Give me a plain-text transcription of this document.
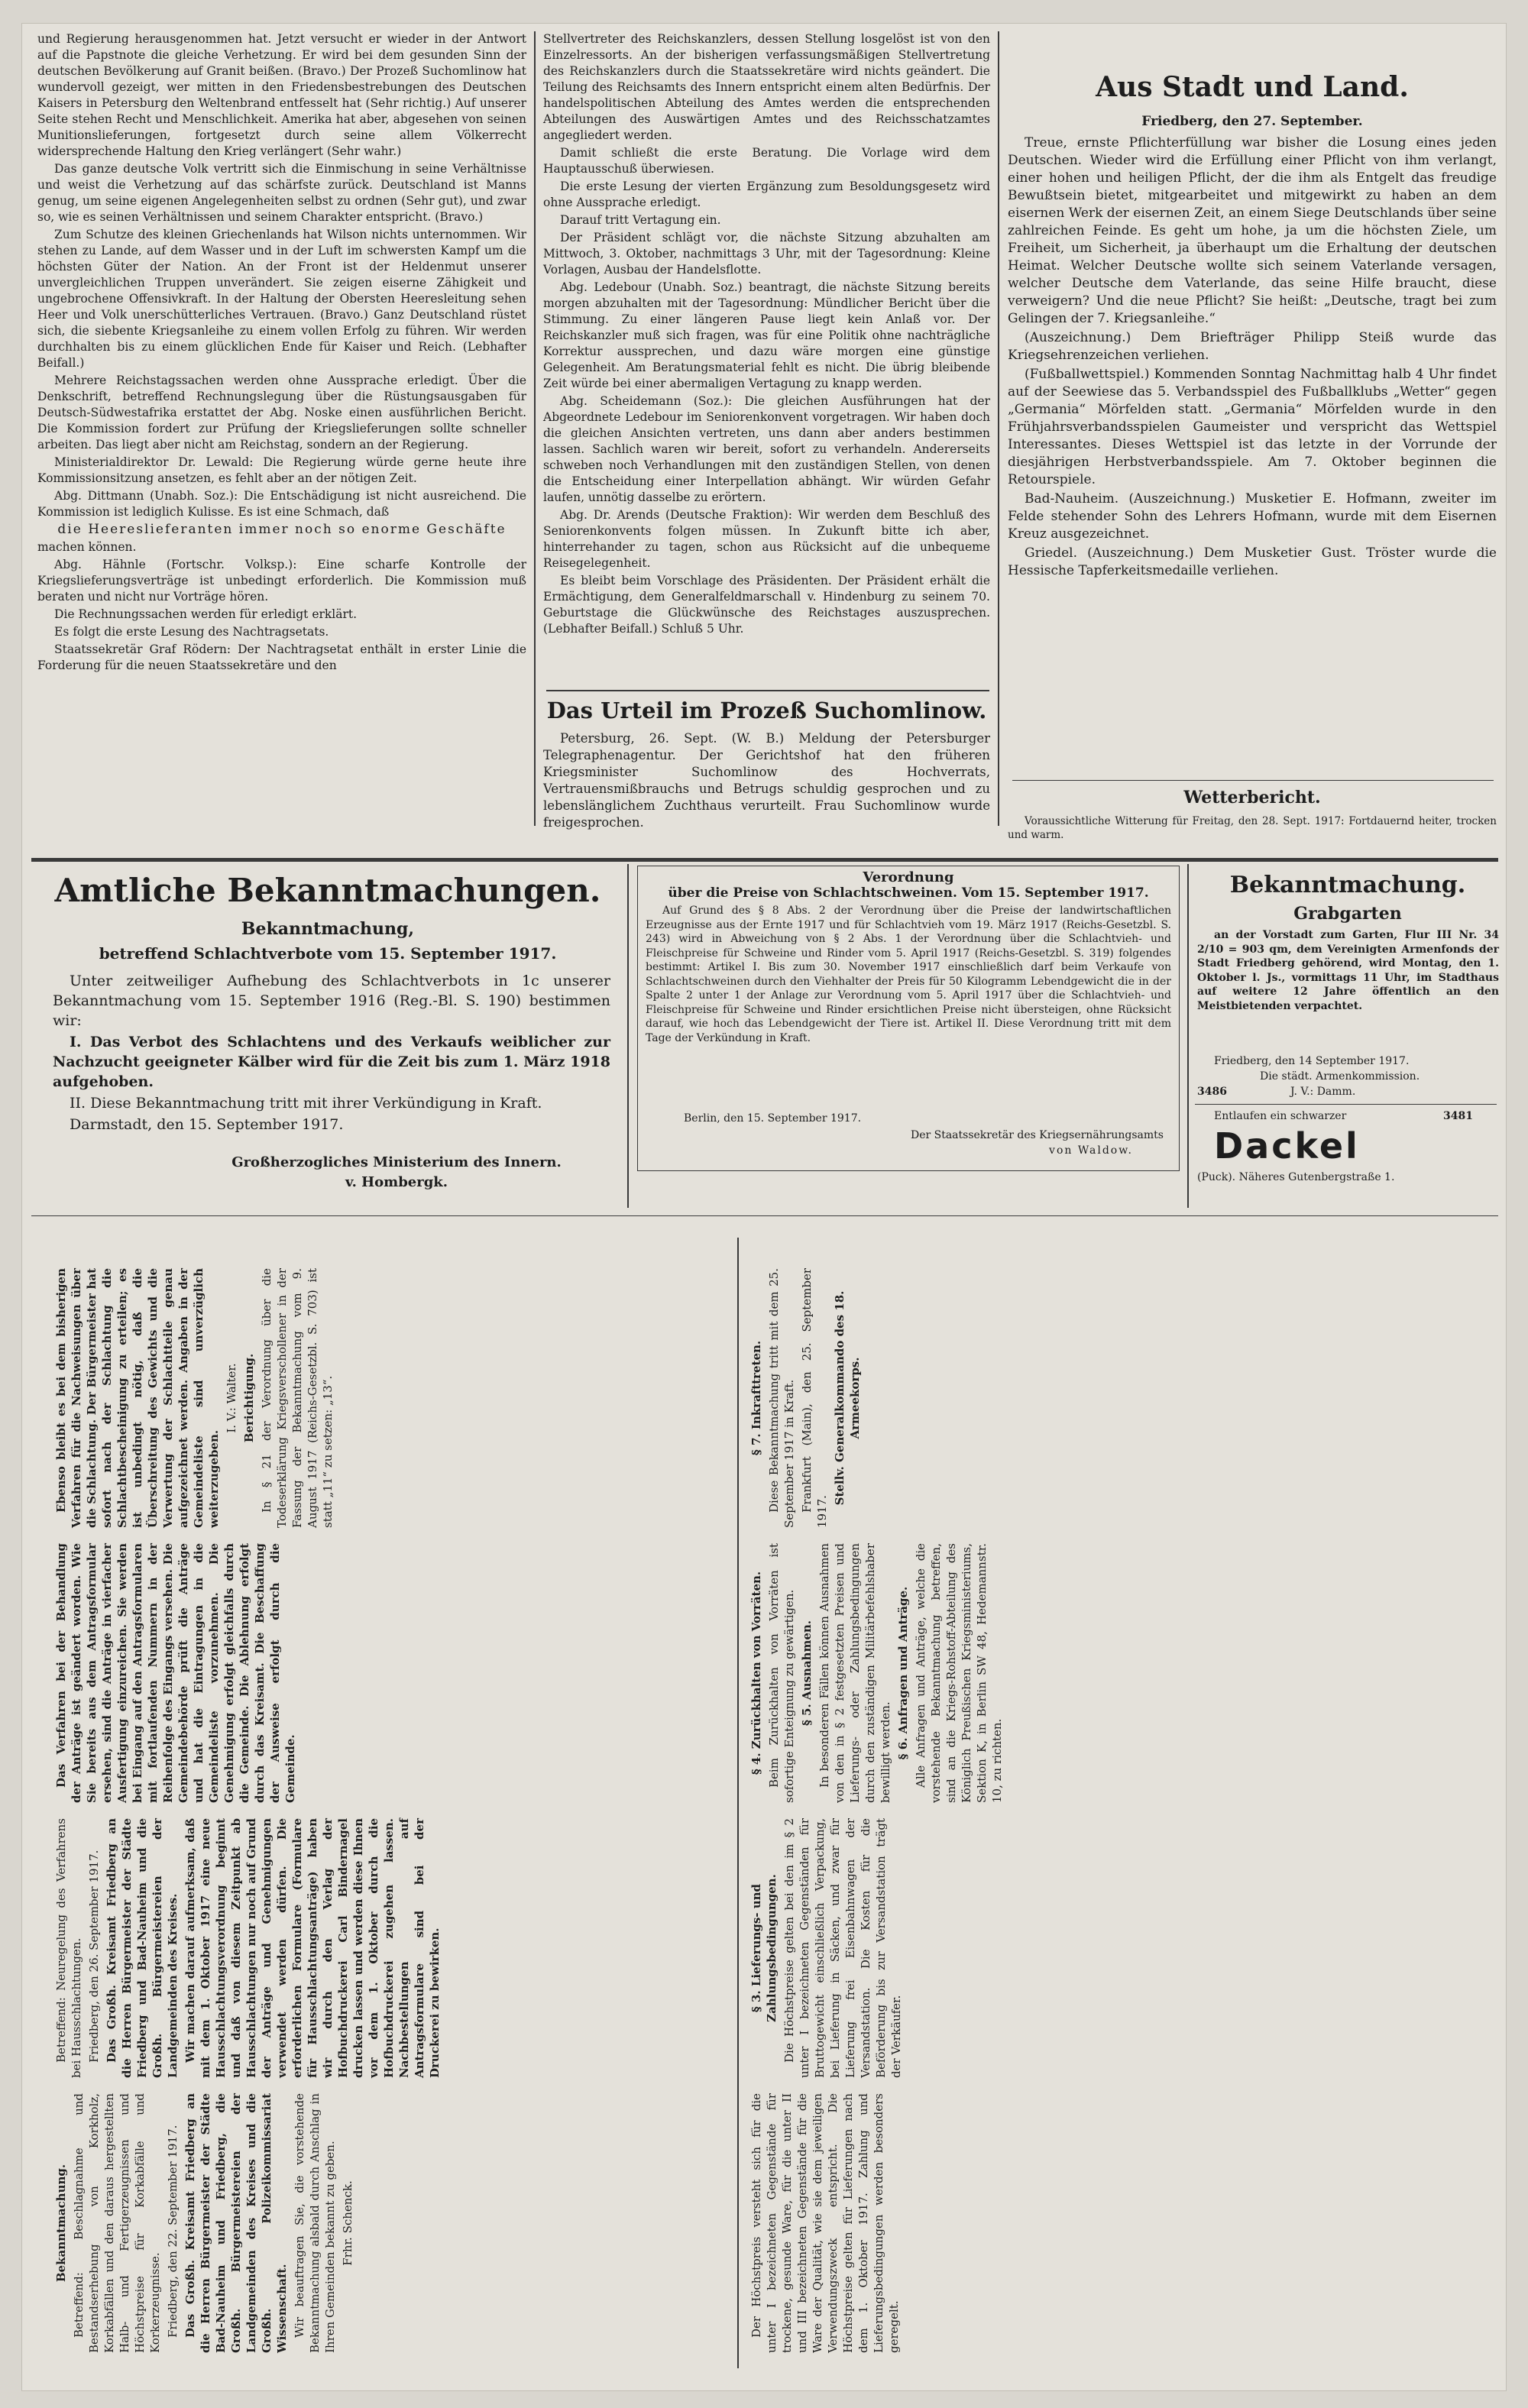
und Regierung herausgenommen hat. Jetzt versucht er wieder in der Antwort auf die Papstnote die gleiche Verhetzung. Er wird bei dem gesunden Sinn der deutschen Bevölkerung auf Granit beißen. (Bravo.) Der Prozeß Suchomlinow hat wundervoll gezeigt, wer mitten in den Friedensbestrebungen des Deutschen Kaisers in Petersburg den Weltenbrand entfesselt hat (Sehr richtig.) Auf unserer Seite stehen Recht und Menschlichkeit. Amerika hat aber, abgesehen von seinen Munitionslieferungen, fortgesetzt durch seine allem Völkerrecht widersprechende Haltung den Krieg verlängert (Sehr wahr.)

Das ganze deutsche Volk vertritt sich die Einmischung in seine Verhältnisse und weist die Verhetzung auf das schärfste zurück. Deutschland ist Manns genug, um seine eigenen Angelegenheiten selbst zu ordnen (Sehr gut), und zwar so, wie es seinen Verhältnissen und seinem Charakter entspricht. (Bravo.)

Zum Schutze des kleinen Griechenlands hat Wilson nichts unternommen. Wir stehen zu Lande, auf dem Wasser und in der Luft im schwersten Kampf um die höchsten Güter der Nation. An der Front ist der Heldenmut unserer unvergleichlichen Truppen unverändert. Sie zeigen eiserne Zähigkeit und ungebrochene Offensivkraft. In der Haltung der Obersten Heeresleitung sehen Heer und Volk unerschütterliches Vertrauen. (Bravo.) Ganz Deutschland rüstet sich, die siebente Kriegsanleihe zu einem vollen Erfolg zu führen. Wir werden durchhalten bis zu einem glücklichen Ende für Kaiser und Reich. (Lebhafter Beifall.)

Mehrere Reichstagssachen werden ohne Aussprache erledigt. Über die Denkschrift, betreffend Rechnungslegung über die Rüstungsausgaben für Deutsch-Südwestafrika erstattet der Abg. Noske einen ausführlichen Bericht. Die Kommission fordert zur Prüfung der Kriegslieferungen sollte schneller arbeiten. Das liegt aber nicht am Reichstag, sondern an der Regierung.

Ministerialdirektor Dr. Lewald: Die Regierung würde gerne heute ihre Kommissionsitzung ansetzen, es fehlt aber an der nötigen Zeit.

Abg. Dittmann (Unabh. Soz.): Die Entschädigung ist nicht ausreichend. Die Kommission ist lediglich Kulisse. Es ist eine Schmach, daß

die Heereslieferanten immer noch so enorme Geschäfte

machen können.

Abg. Hähnle (Fortschr. Volksp.): Eine scharfe Kontrolle der Kriegslieferungsverträge ist unbedingt erforderlich. Die Kommission muß beraten und nicht nur Vorträge hören.

Die Rechnungssachen werden für erledigt erklärt.

Es folgt die erste Lesung des Nachtragsetats.

Staatssekretär Graf Rödern: Der Nachtragsetat enthält in erster Linie die Forderung für die neuen Staatssekretäre und den

Stellvertreter des Reichskanzlers, dessen Stellung losgelöst ist von den Einzelressorts. An der bisherigen verfassungsmäßigen Stellvertretung des Reichskanzlers durch die Staatssekretäre wird nichts geändert. Die Teilung des Reichsamts des Innern entspricht einem alten Bedürfnis. Der handelspolitischen Abteilung des Amtes werden die entsprechenden Abteilungen des Auswärtigen Amtes und des Reichsschatzamtes angegliedert werden.

Damit schließt die erste Beratung. Die Vorlage wird dem Hauptausschuß überwiesen.

Die erste Lesung der vierten Ergänzung zum Besoldungsgesetz wird ohne Aussprache erledigt.

Darauf tritt Vertagung ein.

Der Präsident schlägt vor, die nächste Sitzung abzuhalten am Mittwoch, 3. Oktober, nachmittags 3 Uhr, mit der Tagesordnung: Kleine Vorlagen, Ausbau der Handelsflotte.

Abg. Ledebour (Unabh. Soz.) beantragt, die nächste Sitzung bereits morgen abzuhalten mit der Tagesordnung: Mündlicher Bericht über die Stimmung. Zu einer längeren Pause liegt kein Anlaß vor. Der Reichskanzler muß sich fragen, was für eine Politik ohne nachträgliche Korrektur aussprechen, und dazu wäre morgen eine günstige Gelegenheit. Am Beratungsmaterial fehlt es nicht. Die übrig bleibende Zeit würde bei einer abermaligen Vertagung zu knapp werden.

Abg. Scheidemann (Soz.): Die gleichen Ausführungen hat der Abgeordnete Ledebour im Seniorenkonvent vorgetragen. Wir haben doch die gleichen Ansichten vertreten, uns dann aber anders bestimmen lassen. Sachlich waren wir bereit, sofort zu verhandeln. Andererseits schweben noch Verhandlungen mit den zuständigen Stellen, von denen die Entscheidung einer Interpellation abhängt. Wir würden Gefahr laufen, unnötig dasselbe zu erörtern.

Abg. Dr. Arends (Deutsche Fraktion): Wir werden dem Beschluß des Seniorenkonvents folgen müssen. In Zukunft bitte ich aber, hinterrehander zu tagen, schon aus Rücksicht auf die unbequeme Reisegelegenheit.

Es bleibt beim Vorschlage des Präsidenten. Der Präsident erhält die Ermächtigung, dem Generalfeldmarschall v. Hindenburg zu seinem 70. Geburtstage die Glückwünsche des Reichstages auszusprechen. (Lebhafter Beifall.) Schluß 5 Uhr.

Das Urteil im Prozeß Suchomlinow.

Petersburg, 26. Sept. (W. B.) Meldung der Petersburger Telegraphenagentur. Der Gerichtshof hat den früheren Kriegsminister Suchomlinow des Hochverrats, Vertrauensmißbrauchs und Betrugs schuldig gesprochen und zu lebenslänglichem Zuchthaus verurteilt. Frau Suchomlinow wurde freigesprochen.

Aus Stadt und Land.
Friedberg, den 27. September.

Treue, ernste Pflichterfüllung war bisher die Losung eines jeden Deutschen. Wieder wird die Erfüllung einer Pflicht von ihm verlangt, einer hohen und heiligen Pflicht, der die ihm als Entgelt das freudige Bewußtsein bietet, mitgearbeitet und mitgewirkt zu haben an dem eisernen Werk der eisernen Zeit, an einem Siege Deutschlands über seine zahlreichen Feinde. Es geht um hohe, ja um die höchsten Ziele, um Freiheit, um Sicherheit, ja überhaupt um die Erhaltung der deutschen Heimat. Welcher Deutsche wollte sich seinem Vaterlande versagen, welcher Deutsche dem Vaterlande, das seine Hilfe braucht, diese verweigern? Und die neue Pflicht? Sie heißt: „Deutsche, tragt bei zum Gelingen der 7. Kriegsanleihe.“

(Auszeichnung.) Dem Briefträger Philipp Steiß wurde das Kriegsehrenzeichen verliehen.

(Fußballwettspiel.) Kommenden Sonntag Nachmittag halb 4 Uhr findet auf der Seewiese das 5. Verbandsspiel des Fußballklubs „Wetter“ gegen „Germania“ Mörfelden statt. „Germania“ Mörfelden wurde in den Frühjahrsverbandsspielen Gaumeister und verspricht das Wettspiel Interessantes. Dieses Wettspiel ist das letzte in der Vorrunde der diesjährigen Herbstverbandsspiele. Am 7. Oktober beginnen die Retourspiele.

Bad-Nauheim. (Auszeichnung.) Musketier E. Hofmann, zweiter im Felde stehender Sohn des Lehrers Hofmann, wurde mit dem Eisernen Kreuz ausgezeichnet.

Griedel. (Auszeichnung.) Dem Musketier Gust. Tröster wurde die Hessische Tapferkeitsmedaille verliehen.

Wetterbericht.

Voraussichtliche Witterung für Freitag, den 28. Sept. 1917: Fortdauernd heiter, trocken und warm.

Amtliche Bekanntmachungen.
Bekanntmachung,
betreffend Schlachtverbote vom 15. September 1917.

Unter zeitweiliger Aufhebung des Schlachtverbots in 1c unserer Bekanntmachung vom 15. September 1916 (Reg.-Bl. S. 190) bestimmen wir:

I. Das Verbot des Schlachtens und des Verkaufs weiblicher zur Nachzucht geeigneter Kälber wird für die Zeit bis zum 1. März 1918 aufgehoben.

II. Diese Bekanntmachung tritt mit ihrer Verkündigung in Kraft.

Darmstadt, den 15. September 1917.

Großherzogliches Ministerium des Innern.
v. Hombergk.
Verordnung
über die Preise von Schlachtschweinen. Vom 15. September 1917.

Auf Grund des § 8 Abs. 2 der Verordnung über die Preise der landwirtschaftlichen Erzeugnisse aus der Ernte 1917 und für Schlachtvieh vom 19. März 1917 (Reichs-Gesetzbl. S. 243) wird in Abweichung von § 2 Abs. 1 der Verordnung über die Schlachtvieh- und Fleischpreise für Schweine und Rinder vom 5. April 1917 (Reichs-Gesetzbl. S. 319) folgendes bestimmt: Artikel I. Bis zum 30. November 1917 einschließlich darf beim Verkaufe von Schlachtschweinen durch den Viehhalter der Preis für 50 Kilogramm Lebendgewicht die in der Spalte 2 unter 1 der Anlage zur Verordnung vom 5. April 1917 über die Schlachtvieh- und Fleischpreise für Schweine und Rinder ersichtlichen Preise nicht übersteigen, ohne Rücksicht darauf, wie hoch das Lebendgewicht der Tiere ist. Artikel II. Diese Verordnung tritt mit dem Tage der Verkündung in Kraft.

Berlin, den 15. September 1917.
Der Staatssekretär des Kriegsernährungsamts
von Waldow.
Bekanntmachung.
Grabgarten

an der Vorstadt zum Garten, Flur III Nr. 34 2/10 = 903 qm, dem Vereinigten Armenfonds der Stadt Friedberg gehörend, wird Montag, den 1. Oktober l. Js., vormittags 11 Uhr, im Stadthaus auf weitere 12 Jahre öffentlich an den Meistbietenden verpachtet.

Friedberg, den 14 September 1917.
Die städt. Armenkommission.
3486	J. V.: Damm.
Entlaufen ein schwarzer	3481
Dackel
(Puck). Näheres Gutenbergstraße 1.

Bekanntmachung. Betreffend: Beschlagnahme und Bestandserhebung von Korkholz, Korkabfällen und den daraus hergestellten Halb- und Fertigerzeugnissen und Höchstpreise für Korkabfälle und Korkerzeugnisse. Friedberg, den 22. September 1917. Das Großh. Kreisamt Friedberg an die Herren Bürgermeister der Städte Bad-Nauheim und Friedberg, die Großh. Bürgermeistereien der Landgemeinden des Kreises und die Großh. Polizeikommissariat Wissenschaft. Wir beauftragen Sie, die vorstehende Bekanntmachung alsbald durch Anschlag in Ihren Gemeinden bekannt zu geben. Frhr. Schenck.

Betreffend: Neuregelung des Verfahrens bei Hausschlachtungen. Friedberg, den 26. September 1917. Das Großh. Kreisamt Friedberg an die Herren Bürgermeister der Städte Friedberg und Bad-Nauheim und die Großh. Bürgermeistereien der Landgemeinden des Kreises. Wir machen darauf aufmerksam, daß mit dem 1. Oktober 1917 eine neue Hausschlachtungsverordnung beginnt und daß von diesem Zeitpunkt ab Hausschlachtungen nur noch auf Grund der Anträge und Genehmigungen verwendet werden dürfen. Die erforderlichen Formulare (Formulare für Hausschlachtungsanträge) haben wir durch den Verlag der Hofbuchdruckerei Carl Bindernagel drucken lassen und werden diese Ihnen vor dem 1. Oktober durch die Hofbuchdruckerei zugehen lassen. Nachbestellungen auf Antragsformulare sind bei der Druckerei zu bewirken.

Das Verfahren bei der Behandlung der Anträge ist geändert worden. Wie Sie bereits aus dem Antragsformular ersehen, sind die Anträge in vierfacher Ausfertigung einzureichen. Sie werden bei Eingang auf den Antragsformularen mit fortlaufenden Nummern in der Reihenfolge des Eingangs versehen. Die Gemeindebehörde prüft die Anträge und hat die Eintragungen in die Gemeindeliste vorzunehmen. Die Genehmigung erfolgt gleichfalls durch die Gemeinde. Die Ablehnung erfolgt durch das Kreisamt. Die Beschaffung der Ausweise erfolgt durch die Gemeinde.

Ebenso bleibt es bei dem bisherigen Verfahren für die Nachweisungen über die Schlachtung. Der Bürgermeister hat sofort nach der Schlachtung die Schlachtbescheinigung zu erteilen; es ist unbedingt nötig, daß die Überschreitung des Gewichts und die Verwertung der Schlachtteile genau aufgezeichnet werden. Angaben in der Gemeindeliste sind unverzüglich weiterzugeben.

I. V.: Walter. Berichtigung. In § 21 der Verordnung über die Todeserklärung Kriegsverschollener in der Fassung der Bekanntmachung vom 9. August 1917 (Reichs-Gesetzbl. S. 703) ist statt „11“ zu setzen: „13“.

Der Höchstpreis versteht sich für die unter I bezeichneten Gegenstände für trockene, gesunde Ware, für die unter II und III bezeichneten Gegenstände für die Ware der Qualität, wie sie dem jeweiligen Verwendungszweck entspricht. Die Höchstpreise gelten für Lieferungen nach dem 1. Oktober 1917. Zahlung und Lieferungsbedingungen werden besonders geregelt.

§ 3. Lieferungs- und Zahlungsbedingungen. Die Höchstpreise gelten bei den im § 2 unter I bezeichneten Gegenständen für Bruttogewicht einschließlich Verpackung, bei Lieferung in Säcken, und zwar für Lieferung frei Eisenbahnwagen der Versandstation. Die Kosten für die Beförderung bis zur Versandstation trägt der Verkäufer.

§ 4. Zurückhalten von Vorräten. Beim Zurückhalten von Vorräten ist sofortige Enteignung zu gewärtigen. § 5. Ausnahmen. In besonderen Fällen können Ausnahmen von den in § 2 festgesetzten Preisen und Lieferungs- oder Zahlungsbedingungen durch den zuständigen Militärbefehlshaber bewilligt werden. § 6. Anfragen und Anträge. Alle Anfragen und Anträge, welche die vorstehende Bekanntmachung betreffen, sind an die Kriegs-Rohstoff-Abteilung des Königlich Preußischen Kriegsministeriums, Sektion K, in Berlin SW 48, Hedemannstr. 10, zu richten.

§ 7. Inkrafttreten. Diese Bekanntmachung tritt mit dem 25. September 1917 in Kraft. Frankfurt (Main), den 25. September 1917.

Stellv. Generalkommando des 18. Armeekorps.
